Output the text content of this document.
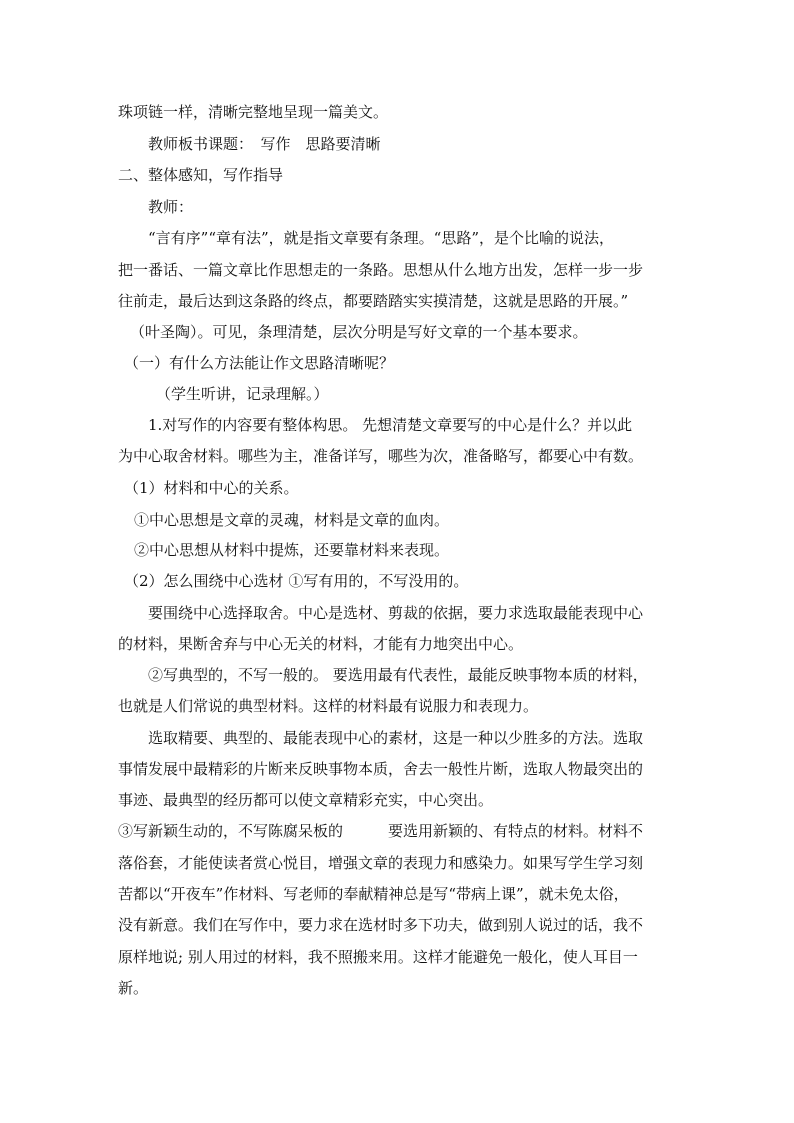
珠项链一样，清晰完整地呈现一篇美文。
教师板书课题：　写作　思路要清晰
二、整体感知，写作指导
教师：
“言有序”“章有法”，就是指文章要有条理。“思路”，是个比喻的说法，
把一番话、一篇文章比作思想走的一条路。思想从什么地方出发，怎样一步一步
往前走，最后达到这条路的终点，都要踏踏实实摸清楚，这就是思路的开展。”
（叶圣陶）。可见，条理清楚，层次分明是写好文章的一个基本要求。
（一）有什么方法能让作文思路清晰呢？
（学生听讲，记录理解。）
1.对写作的内容要有整体构思。 先想清楚文章要写的中心是什么？并以此
为中心取舍材料。哪些为主，准备详写，哪些为次，准备略写，都要心中有数。
（1）材料和中心的关系。
①中心思想是文章的灵魂，材料是文章的血肉。
②中心思想从材料中提炼，还要靠材料来表现。
（2）怎么围绕中心选材 ①写有用的，不写没用的。
要围绕中心选择取舍。中心是选材、剪裁的依据，要力求选取最能表现中心
的材料，果断舍弃与中心无关的材料，才能有力地突出中心。
②写典型的，不写一般的。 要选用最有代表性，最能反映事物本质的材料，
也就是人们常说的典型材料。这样的材料最有说服力和表现力。
选取精要、典型的、最能表现中心的素材，这是一种以少胜多的方法。选取
事情发展中最精彩的片断来反映事物本质，舍去一般性片断，选取人物最突出的
事迹、最典型的经历都可以使文章精彩充实，中心突出。
③写新颖生动的，不写陈腐呆板的　　　要选用新颖的、有特点的材料。材料不
落俗套，才能使读者赏心悦目，增强文章的表现力和感染力。如果写学生学习刻
苦都以“开夜车”作材料、写老师的奉献精神总是写“带病上课”，就未免太俗，
没有新意。我们在写作中，要力求在选材时多下功夫，做到别人说过的话，我不
原样地说; 别人用过的材料，我不照搬来用。这样才能避免一般化，使人耳目一
新。
